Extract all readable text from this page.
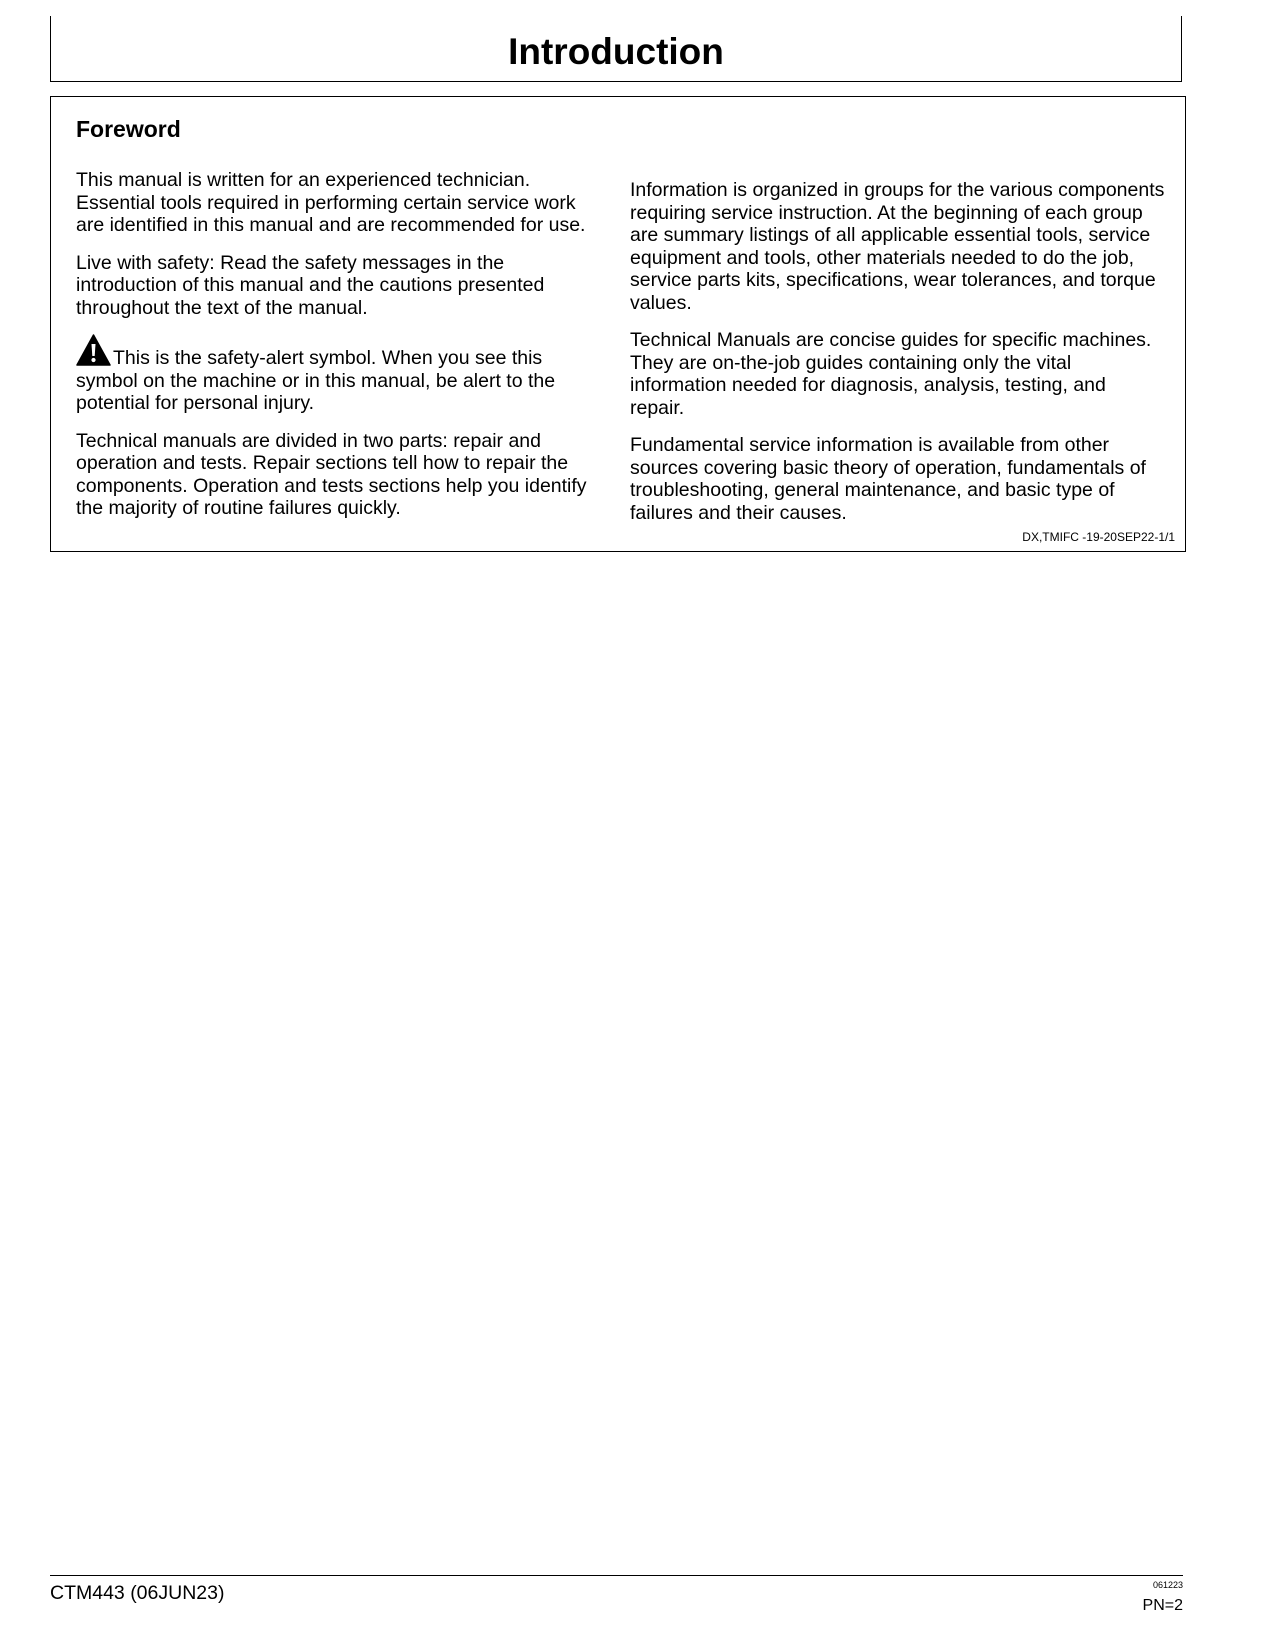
Introduction
Foreword

This manual is written for an experienced technician. Essential tools required in performing certain service work are identified in this manual and are recommended for use.

Live with safety: Read the safety messages in the introduction of this manual and the cautions presented throughout the text of the manual.

This is the safety-alert symbol. When you see this symbol on the machine or in this manual, be alert to the potential for personal injury.

Technical manuals are divided in two parts: repair and operation and tests. Repair sections tell how to repair the components. Operation and tests sections help you identify the majority of routine failures quickly.

Information is organized in groups for the various components requiring service instruction. At the beginning of each group are summary listings of all applicable essential tools, service equipment and tools, other materials needed to do the job, service parts kits, specifications, wear tolerances, and torque values.

Technical Manuals are concise guides for specific machines. They are on-the-job guides containing only the vital information needed for diagnosis, analysis, testing, and repair.

Fundamental service information is available from other sources covering basic theory of operation, fundamentals of troubleshooting, general maintenance, and basic type of failures and their causes.

DX,TMIFC -19-20SEP22-1/1
CTM443 (06JUN23)	061223
PN=2
